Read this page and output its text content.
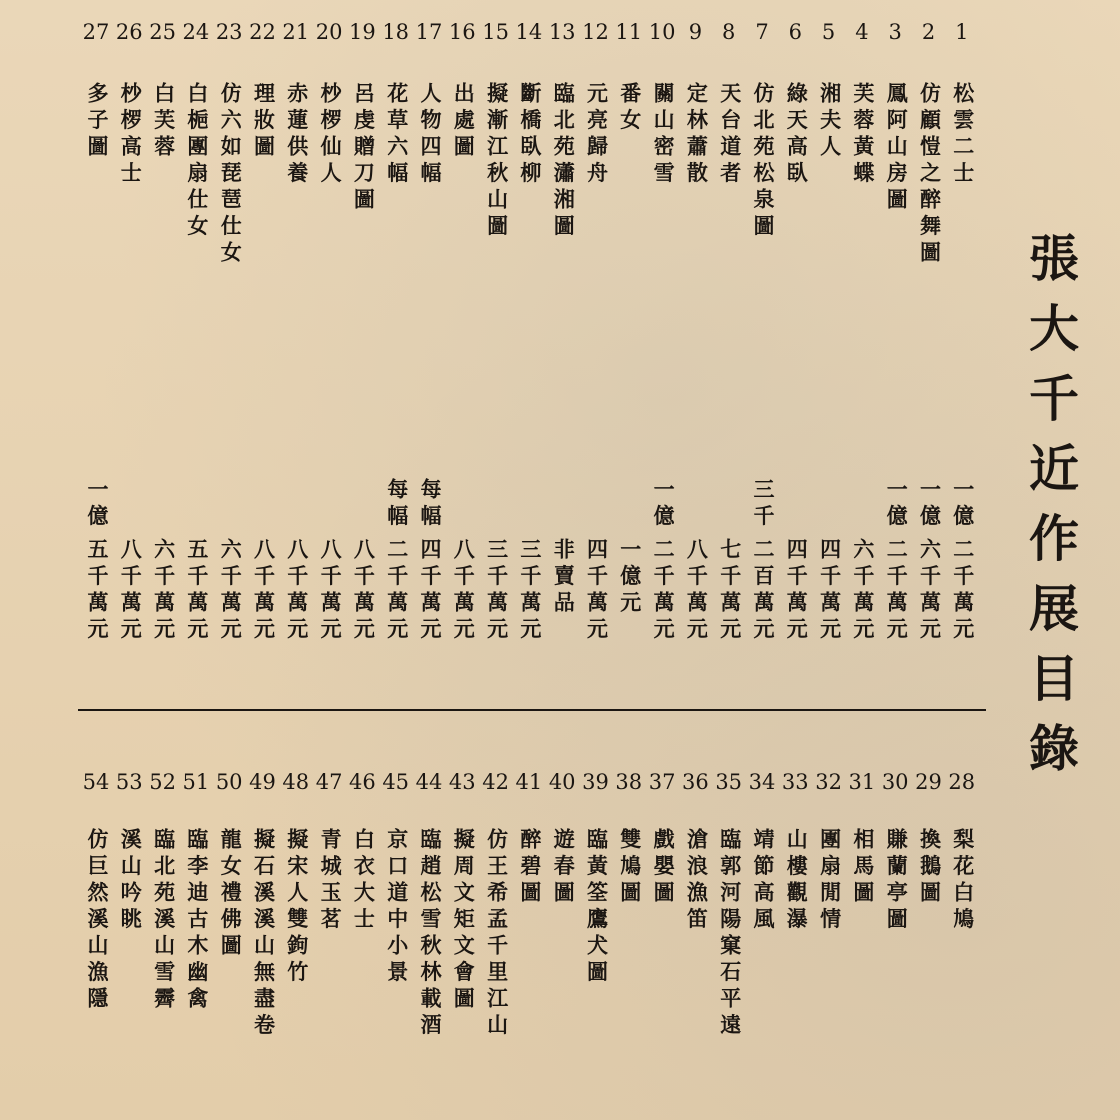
張大千近作展目錄
27 26 25 24 23 22 21 20 19 18 17 16 15 14 13 12 11 10 9 8 7 6 5 4 3 2 1
多子圖 杪椤高士 白芙蓉 白梔團扇仕女 仿六如琵琶仕女 理妝圖 赤蓮供養 杪椤仙人 呂虔贈刀圖 花草六幅 人物四幅 出處圖 擬漸江秋山圖 斷橋臥柳 臨北苑瀟湘圖 元亮歸舟 番女 關山密雪 定林蕭散 天台道者 仿北苑松泉圖 綠天高臥 湘夫人 芙蓉黃蝶 鳳阿山房圖 仿顧愷之醉舞圖 松雲二士
五千萬元
一億
八千萬元 六千萬元 五千萬元 六千萬元 八千萬元 八千萬元 八千萬元 八千萬元 二千萬元
每幅
四千萬元
每幅
八千萬元 三千萬元 三千萬元 非賣品 四千萬元 一億元 二千萬元
一億
八千萬元 七千萬元 二百萬元
三千
四千萬元 四千萬元 六千萬元 二千萬元
一億
六千萬元
一億
二千萬元
一億
54 53 52 51 50 49 48 47 46 45 44 43 42 41 40 39 38 37 36 35 34 33 32 31 30 29 28
仿巨然溪山漁隱 溪山吟眺 臨北苑溪山雪霽 臨李迪古木幽禽 龍女禮佛圖 擬石溪溪山無盡卷 擬宋人雙鉤竹 青城玉茗 白衣大士 京口道中小景 臨趙松雪秋林載酒 擬周文矩文會圖 仿王希孟千里江山 醉碧圖 遊春圖 臨黃筌鷹犬圖 雙鳩圖 戲嬰圖 滄浪漁笛 臨郭河陽窠石平遠 靖節高風 山樓觀瀑 團扇閒情 相馬圖 賺蘭亭圖 換鵝圖 梨花白鳩
